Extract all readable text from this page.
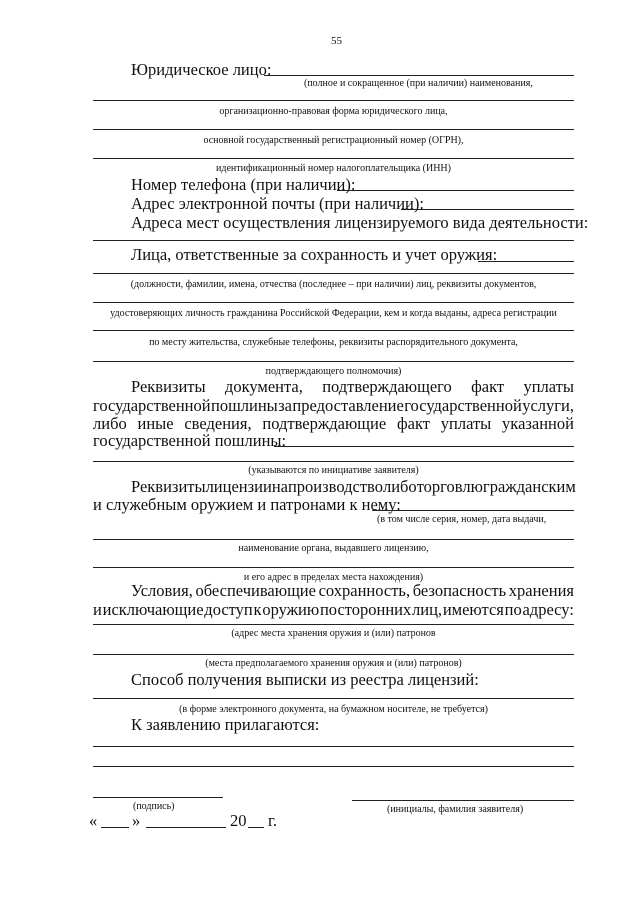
55
Юридическое лицо:
(полное и сокращенное (при наличии) наименования,
организационно-правовая форма юридического лица,
основной государственный регистрационный номер (ОГРН),
идентификационный номер налогоплательщика (ИНН)
Номер телефона (при наличии):
Адрес электронной почты (при наличии):
Адреса мест осуществления лицензируемого вида деятельности:
Лица, ответственные за сохранность и учет оружия:
(должности, фамилии, имена, отчества (последнее – при наличии) лиц, реквизиты документов,
удостоверяющих личность гражданина Российской Федерации, кем и когда выданы, адреса регистрации
по месту жительства, служебные телефоны, реквизиты распорядительного документа,
подтверждающего полномочия)
Реквизиты документа, подтверждающего факт уплаты
государственной пошлины за предоставление государственной услуги,
либо иные сведения, подтверждающие факт уплаты указанной
государственной пошлины:
(указываются по инициативе заявителя)
Реквизиты лицензии на производство либо торговлю гражданским
и служебным оружием и патронами к нему:
(в том числе серия, номер, дата выдачи,
наименование органа, выдавшего лицензию,
и его адрес в пределах места нахождения)
Условия, обеспечивающие сохранность, безопасность хранения
и исключающие доступ к оружию посторонних лиц, имеются по адресу:
(адрес места хранения оружия и (или) патронов
(места предполагаемого хранения оружия и (или) патронов)
Способ получения выписки из реестра лицензий:
(в форме электронного документа, на бумажном носителе, не требуется)
К заявлению прилагаются:
(подпись)	(инициалы, фамилия заявителя)
« »	20 г.
